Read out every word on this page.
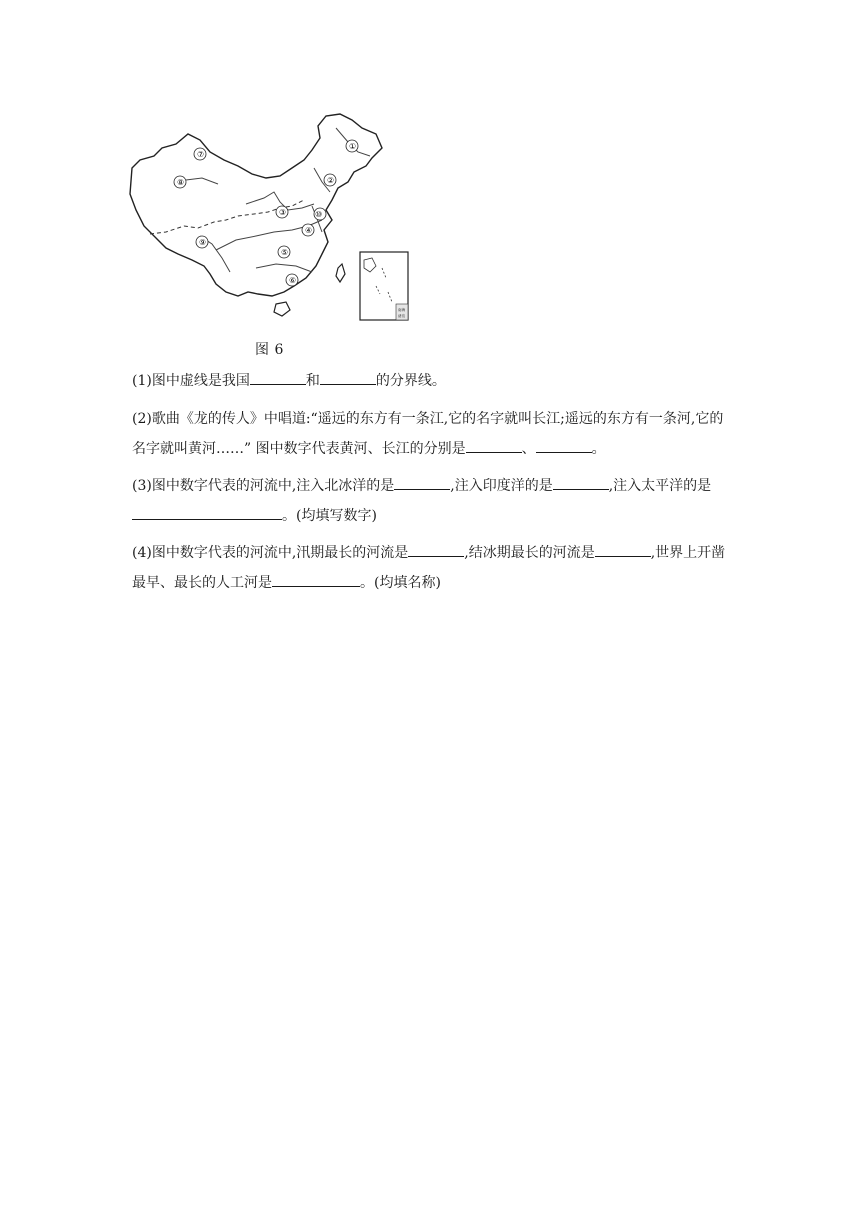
南海
诸岛
①
②
③
④
⑤
⑥
⑦
⑧
⑨
⑩
图 6

(1)图中虚线是我国	和	的分界线。

(2)歌曲《龙的传人》中唱道:“遥远的东方有一条江,它的名字就叫长江;遥远的东方有一条河,它的名字就叫黄河……” 图中数字代表黄河、长江的分别是	、	。

(3)图中数字代表的河流中,注入北冰洋的是	,注入印度洋的是	,注入太平洋的是。(均填写数字)

(4)图中数字代表的河流中,汛期最长的河流是	,结冰期最长的河流是	,世界上开凿最早、最长的人工河是	。(均填名称)
